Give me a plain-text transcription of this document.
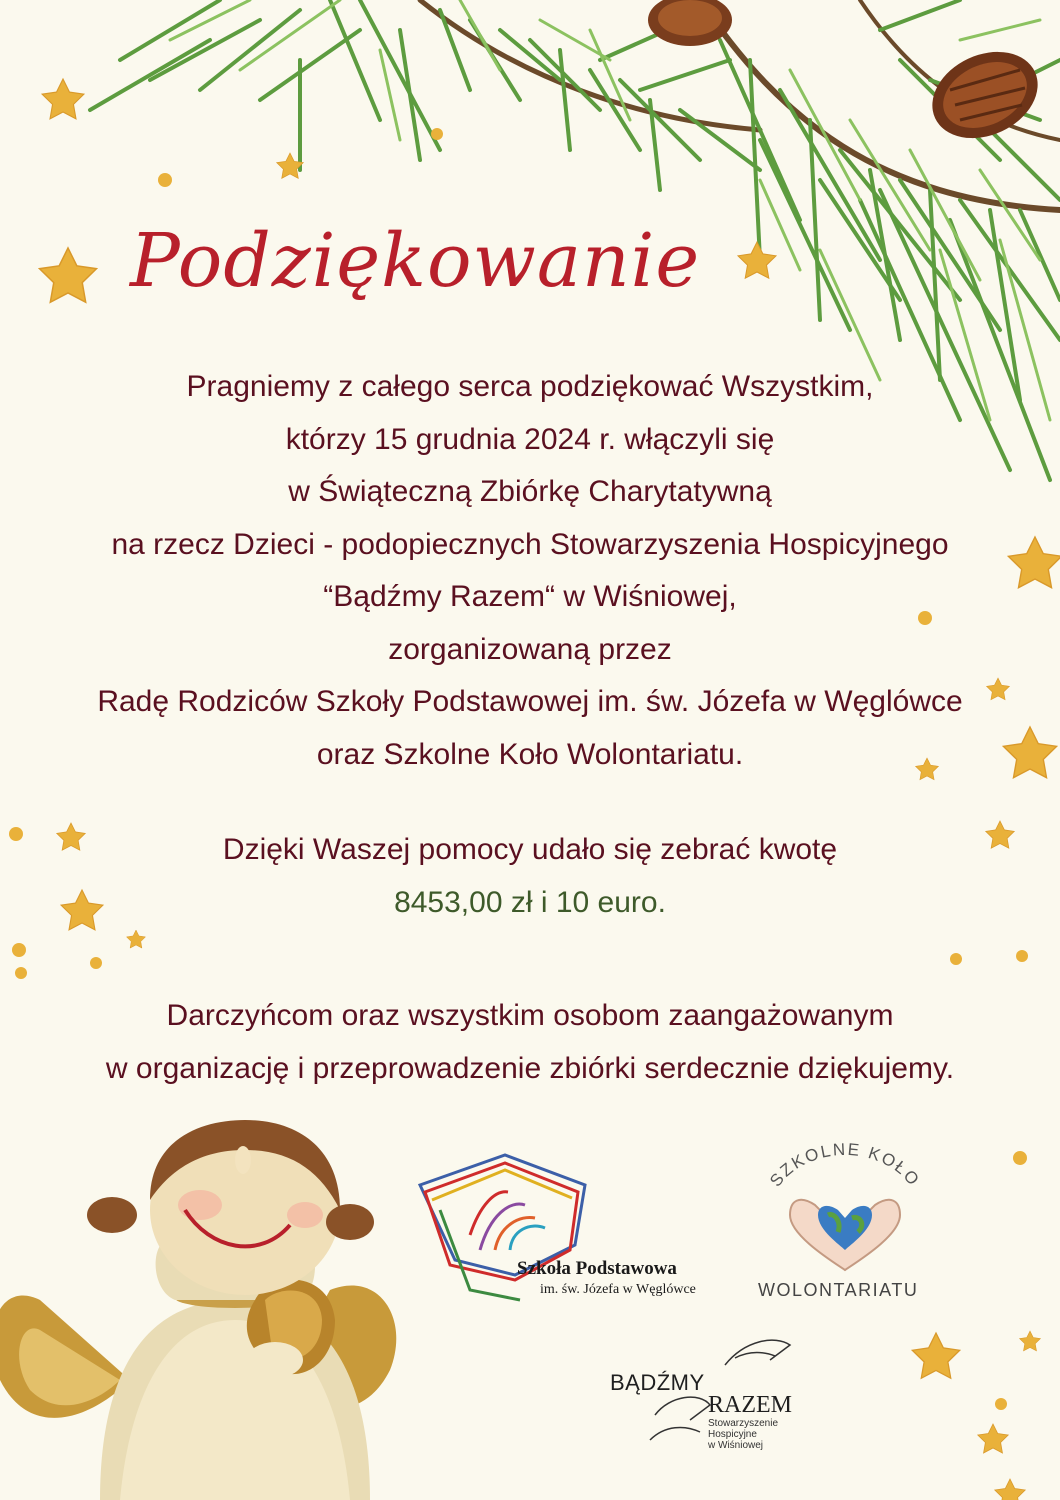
Podziękowanie
Pragniemy z całego serca podziękować Wszystkim,
którzy 15 grudnia 2024 r. włączyli się
w Świąteczną Zbiórkę Charytatywną
na rzecz Dzieci - podopiecznych Stowarzyszenia Hospicyjnego
“Bądźmy Razem“ w Wiśniowej,
zorganizowaną przez
Radę Rodziców Szkoły Podstawowej im. św. Józefa w Węglówce
oraz Szkolne Koło Wolontariatu.
Dzięki Waszej pomocy udało się zebrać kwotę
8453,00 zł i 10 euro.
Darczyńcom oraz wszystkim osobom zaangażowanym
w organizację i przeprowadzenie zbiórki serdecznie dziękujemy.
Szkoła Podstawowa
im. św. Józefa w Węglówce
SZKOLNE KOŁO
WOLONTARIATU
BĄDŹMY
RAZEM
Stowarzyszenie
Hospicyjne
w Wiśniowej
